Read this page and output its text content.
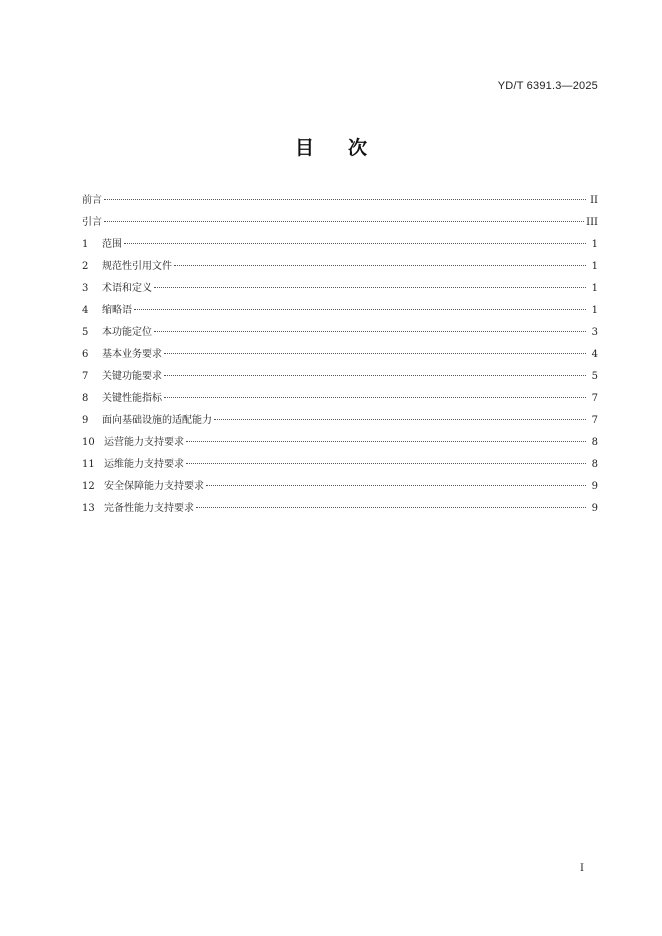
YD/T 6391.3—2025
目次
前言	II
引言	III
1	范围	1
2	规范性引用文件	1
3	术语和定义	1
4	缩略语	1
5	本功能定位	3
6	基本业务要求	4
7	关键功能要求	5
8	关键性能指标	7
9	面向基础设施的适配能力	7
10 运营能力支持要求	8
11 运维能力支持要求	8
12 安全保障能力支持要求	9
13 完备性能力支持要求	9
I
